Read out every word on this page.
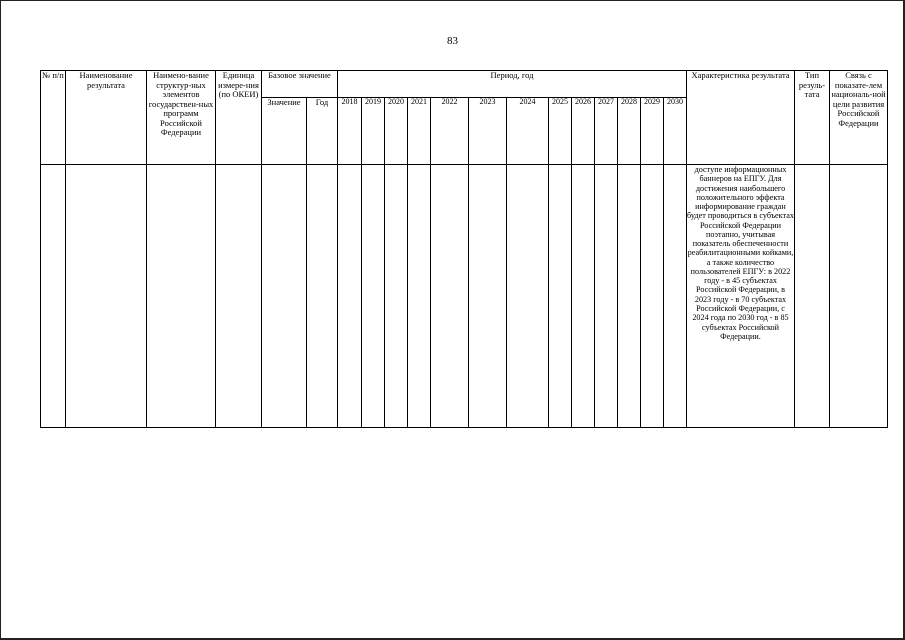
83
№ п/п	Наименование результата	Наимено-вание структур-ных элементов государствен-ных программ Российской Федерации	Единица измере-ния (по ОКЕИ)	Базовое значение		Период, год													Характеристика результата	Тип резуль-тата	Связь с показате-лем националь-ной цели развития Российской Федерации
				Значение	Год	2018	2019	2020	2021	2022	2023	2024	2025	2026	2027	2028	2029	2030			
																			доступе информационных баннеров на ЕПГУ. Для достижения наибольшего положительного эффекта информирование граждан будет проводиться в субъектах Российской Федерации поэтапно, учитывая показатель обеспеченности реабилитационными койками, а также количество пользователей ЕПГУ: в 2022 году - в 45 субъектах Российской Федерации, в 2023 году - в 70 субъектах Российской Федерации, с 2024 года по 2030 год - в 85 субъектах Российской Федерации.		
